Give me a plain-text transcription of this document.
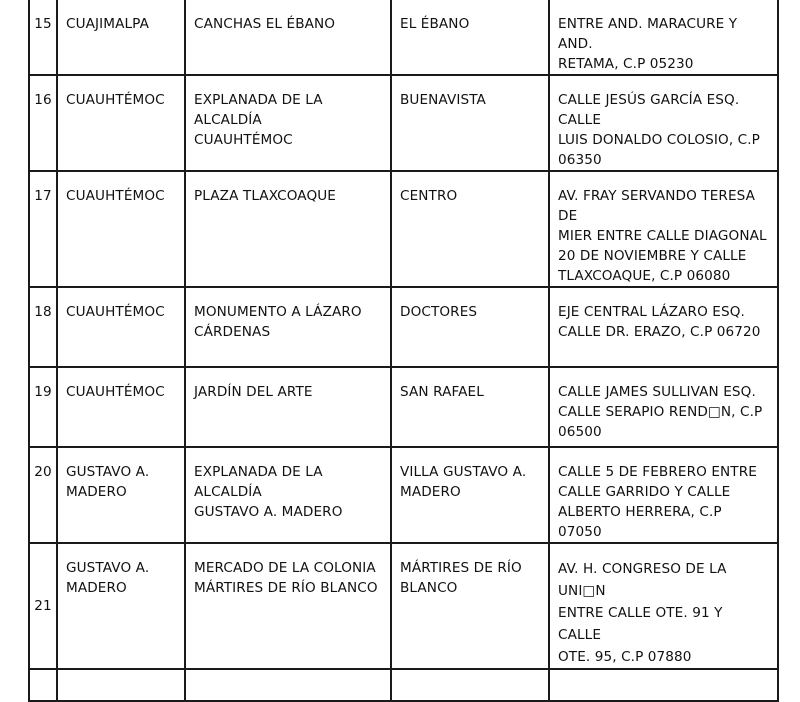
15	CUAJIMALPA	CANCHAS EL ÉBANO	EL ÉBANO	ENTRE AND. MARACURE Y AND.
RETAMA, C.P 05230

16	CUAUHTÉMOC	EXPLANADA DE LA ALCALDÍA
CUAUHTÉMOC	BUENAVISTA	CALLE JESÚS GARCÍA ESQ. CALLE
LUIS DONALDO COLOSIO, C.P
06350

17	CUAUHTÉMOC	PLAZA TLAXCOAQUE	CENTRO	AV. FRAY SERVANDO TERESA DE
MIER ENTRE CALLE DIAGONAL
20 DE NOVIEMBRE Y CALLE
TLAXCOAQUE, C.P 06080

18	CUAUHTÉMOC	MONUMENTO A LÁZARO
CÁRDENAS	DOCTORES	EJE CENTRAL LÁZARO ESQ.
CALLE DR. ERAZO, C.P 06720

19	CUAUHTÉMOC	JARDÍN DEL ARTE	SAN RAFAEL	CALLE JAMES SULLIVAN ESQ.
CALLE SERAPIO REND□N, C.P
06500

20	GUSTAVO A.
MADERO	EXPLANADA DE LA ALCALDÍA
GUSTAVO A. MADERO	VILLA GUSTAVO A.
MADERO	CALLE 5 DE FEBRERO ENTRE
CALLE GARRIDO Y CALLE
ALBERTO HERRERA, C.P 07050

21	GUSTAVO A.
MADERO	MERCADO DE LA COLONIA
MÁRTIRES DE RÍO BLANCO	MÁRTIRES DE RÍO
BLANCO	AV. H. CONGRESO DE LA UNI□N
ENTRE CALLE OTE. 91 Y CALLE
OTE. 95, C.P 07880
